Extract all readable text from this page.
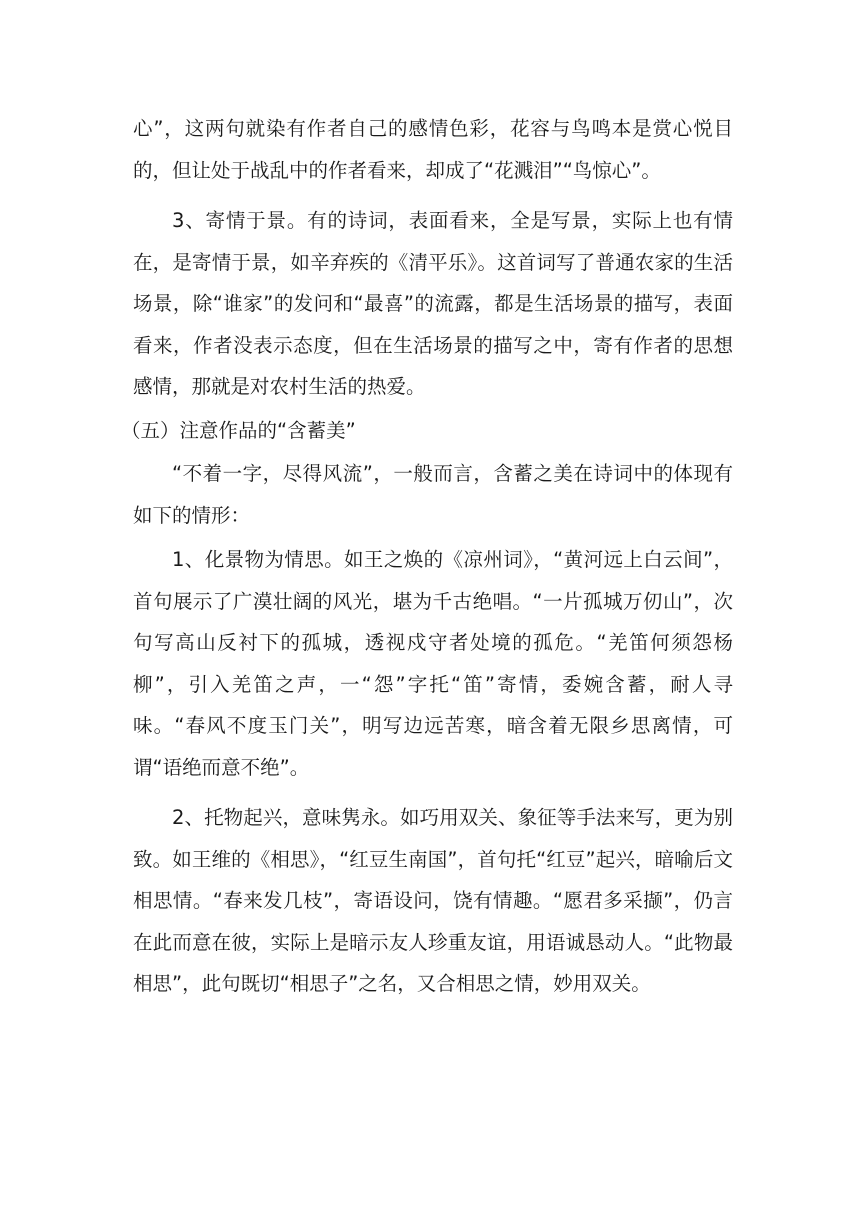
心”，这两句就染有作者自己的感情色彩，花容与鸟鸣本是赏心悦目的，但让处于战乱中的作者看来，却成了“花溅泪”“鸟惊心”。

3、寄情于景。有的诗词，表面看来，全是写景，实际上也有情在，是寄情于景，如辛弃疾的《清平乐》。这首词写了普通农家的生活场景，除“谁家”的发问和“最喜”的流露，都是生活场景的描写，表面看来，作者没表示态度，但在生活场景的描写之中，寄有作者的思想感情，那就是对农村生活的热爱。

（五）注意作品的“含蓄美”

“不着一字，尽得风流”，一般而言，含蓄之美在诗词中的体现有如下的情形：

1、化景物为情思。如王之焕的《凉州词》，“黄河远上白云间”，首句展示了广漠壮阔的风光，堪为千古绝唱。“一片孤城万仞山”，次句写高山反衬下的孤城，透视戍守者处境的孤危。“羌笛何须怨杨柳”，引入羌笛之声，一“怨”字托“笛”寄情，委婉含蓄，耐人寻味。“春风不度玉门关”，明写边远苦寒，暗含着无限乡思离情，可谓“语绝而意不绝”。

2、托物起兴，意味隽永。如巧用双关、象征等手法来写，更为别致。如王维的《相思》，“红豆生南国”，首句托“红豆”起兴，暗喻后文相思情。“春来发几枝”，寄语设问，饶有情趣。“愿君多采撷”，仍言在此而意在彼，实际上是暗示友人珍重友谊，用语诚恳动人。“此物最相思”，此句既切“相思子”之名，又合相思之情，妙用双关。
